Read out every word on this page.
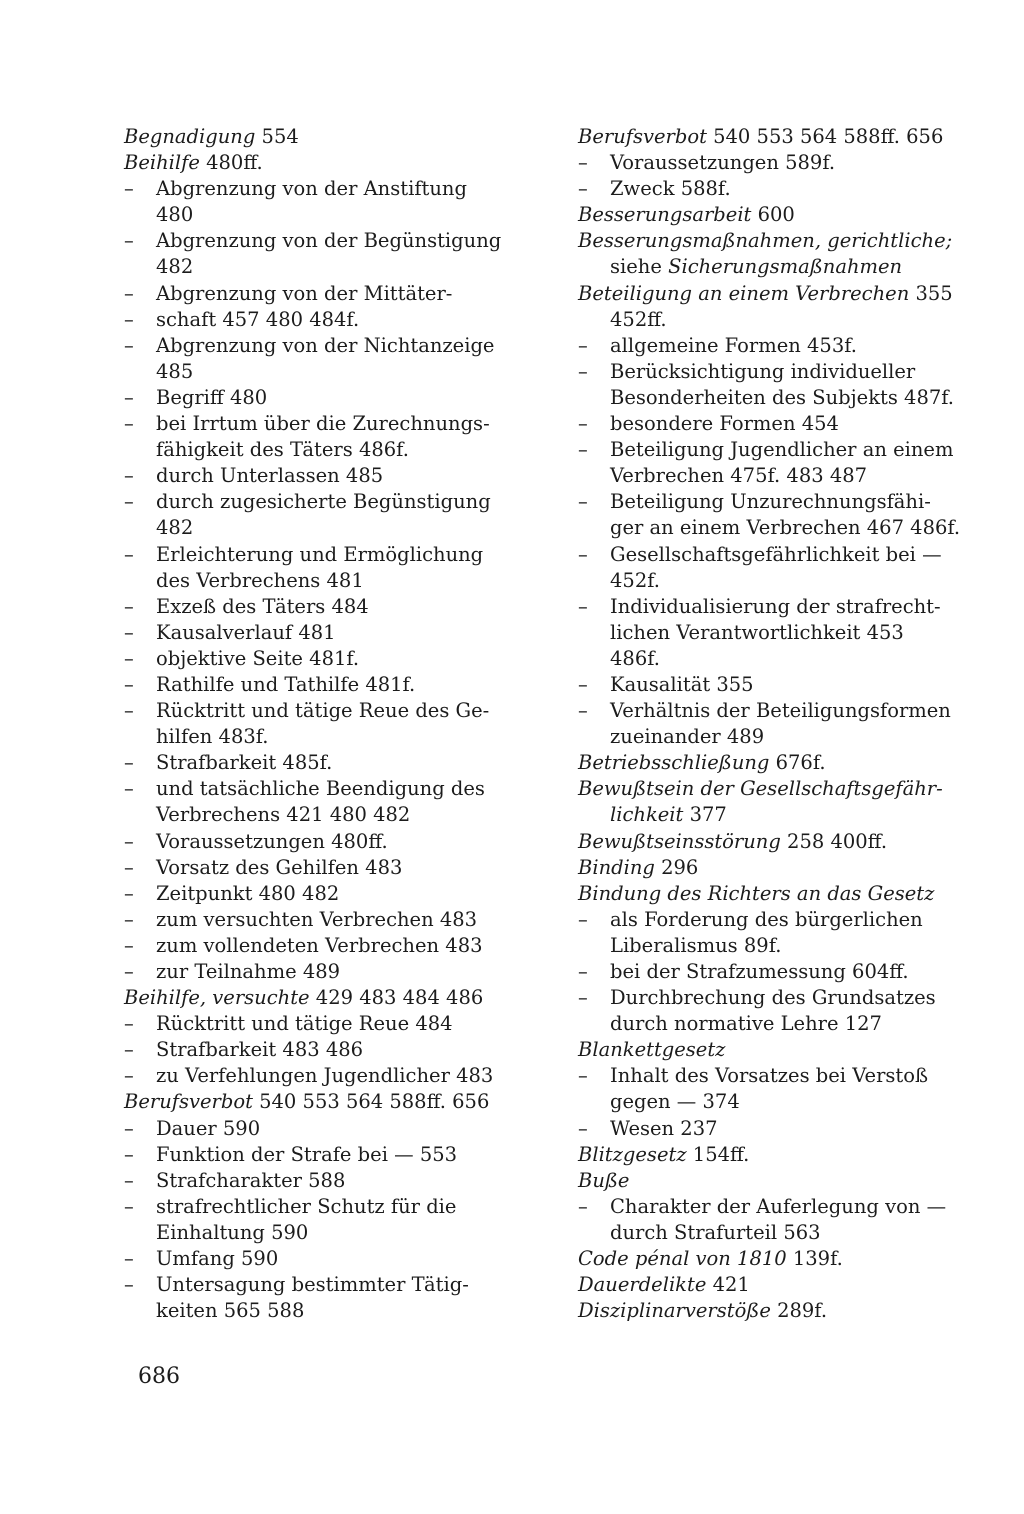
Begnadigung 554
Beihilfe 480ff.
– Abgrenzung von der Anstiftung
480
– Abgrenzung von der Begünstigung
482
– Abgrenzung von der Mittäter-
– schaft 457 480 484f.
– Abgrenzung von der Nichtanzeige
485
– Begriff 480
– bei Irrtum über die Zurechnungs-
fähigkeit des Täters 486f.
– durch Unterlassen 485
– durch zugesicherte Begünstigung
482
– Erleichterung und Ermöglichung
des Verbrechens 481
– Exzeß des Täters 484
– Kausalverlauf 481
– objektive Seite 481f.
– Rathilfe und Tathilfe 481f.
– Rücktritt und tätige Reue des Ge-
hilfen 483f.
– Strafbarkeit 485f.
– und tatsächliche Beendigung des
Verbrechens 421 480 482
– Voraussetzungen 480ff.
– Vorsatz des Gehilfen 483
– Zeitpunkt 480 482
– zum versuchten Verbrechen 483
– zum vollendeten Verbrechen 483
– zur Teilnahme 489
Beihilfe, versuchte 429 483 484 486
– Rücktritt und tätige Reue 484
– Strafbarkeit 483 486
– zu Verfehlungen Jugendlicher 483
Berufsverbot 540 553 564 588ff. 656
– Dauer 590
– Funktion der Strafe bei — 553
– Strafcharakter 588
– strafrechtlicher Schutz für die
Einhaltung 590
– Umfang 590
– Untersagung bestimmter Tätig-
keiten 565 588
Berufsverbot 540 553 564 588ff. 656
– Voraussetzungen 589f.
– Zweck 588f.
Besserungsarbeit 600
Besserungsmaßnahmen, gerichtliche;
siehe Sicherungsmaßnahmen
Beteiligung an einem Verbrechen 355
452ff.
– allgemeine Formen 453f.
– Berücksichtigung individueller
Besonderheiten des Subjekts 487f.
– besondere Formen 454
– Beteiligung Jugendlicher an einem
Verbrechen 475f. 483 487
– Beteiligung Unzurechnungsfähi-
ger an einem Verbrechen 467 486f.
– Gesellschaftsgefährlichkeit bei —
452f.
– Individualisierung der strafrecht-
lichen Verantwortlichkeit 453
486f.
– Kausalität 355
– Verhältnis der Beteiligungsformen
zueinander 489
Betriebsschließung 676f.
Bewußtsein der Gesellschaftsgefähr-
lichkeit 377
Bewußtseinsstörung 258 400ff.
Binding 296
Bindung des Richters an das Gesetz
– als Forderung des bürgerlichen
Liberalismus 89f.
– bei der Strafzumessung 604ff.
– Durchbrechung des Grundsatzes
durch normative Lehre 127
Blankettgesetz
– Inhalt des Vorsatzes bei Verstoß
gegen — 374
– Wesen 237
Blitzgesetz 154ff.
Buße
– Charakter der Auferlegung von —
durch Strafurteil 563
Code pénal von 1810 139f.
Dauerdelikte 421
Disziplinarverstöße 289f.
686
